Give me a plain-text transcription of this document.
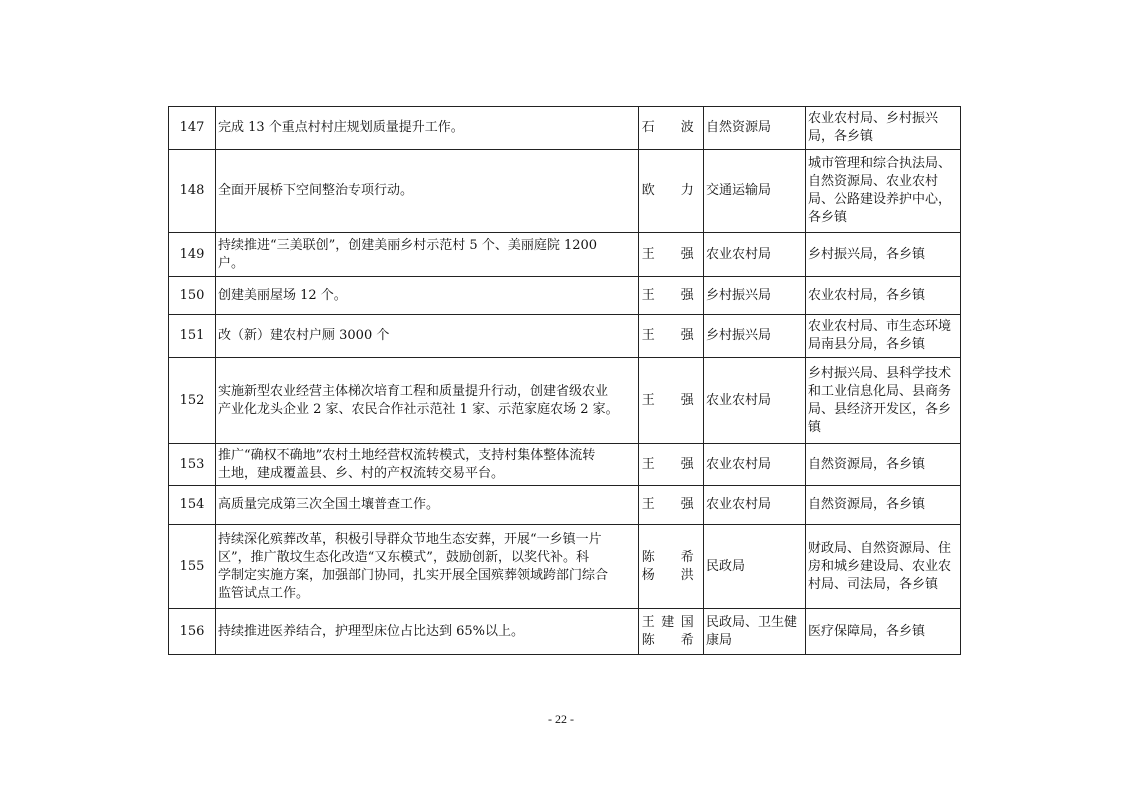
147	完成 13 个重点村村庄规划质量提升工作。	石　波	自然资源局	农业农村局、乡村振兴
局，各乡镇

148	全面开展桥下空间整治专项行动。	欧　力	交通运输局	城市管理和综合执法局、
自然资源局、农业农村
局、公路建设养护中心，
各乡镇

149	持续推进“三美联创”，创建美丽乡村示范村 5 个、美丽庭院 1200
户。	王　强	农业农村局	乡村振兴局，各乡镇

150	创建美丽屋场 12 个。	王　强	乡村振兴局	农业农村局，各乡镇

151	改（新）建农村户厕 3000 个	王　强	乡村振兴局	农业农村局、市生态环境
局南县分局，各乡镇

152	实施新型农业经营主体梯次培育工程和质量提升行动，创建省级农业
产业化龙头企业 2 家、农民合作社示范社 1 家、示范家庭农场 2 家。	王　强	农业农村局	乡村振兴局、县科学技术
和工业信息化局、县商务
局、县经济开发区，各乡
镇

153	推广“确权不确地”农村土地经营权流转模式，支持村集体整体流转
土地，建成覆盖县、乡、村的产权流转交易平台。	王　强	农业农村局	自然资源局，各乡镇

154	高质量完成第三次全国土壤普查工作。	王　强	农业农村局	自然资源局，各乡镇

155	持续深化殡葬改革，积极引导群众节地生态安葬，开展“一乡镇一片
区”，推广散坟生态化改造“又东模式”，鼓励创新，以奖代补。科
学制定实施方案，加强部门协同，扎实开展全国殡葬领域跨部门综合
监管试点工作。	陈　希
杨　洪	民政局	财政局、自然资源局、住
房和城乡建设局、农业农
村局、司法局，各乡镇

156	持续推进医养结合，护理型床位占比达到 65%以上。	王建国
陈　希	民政局、卫生健
康局	医疗保障局，各乡镇
- 22 -
